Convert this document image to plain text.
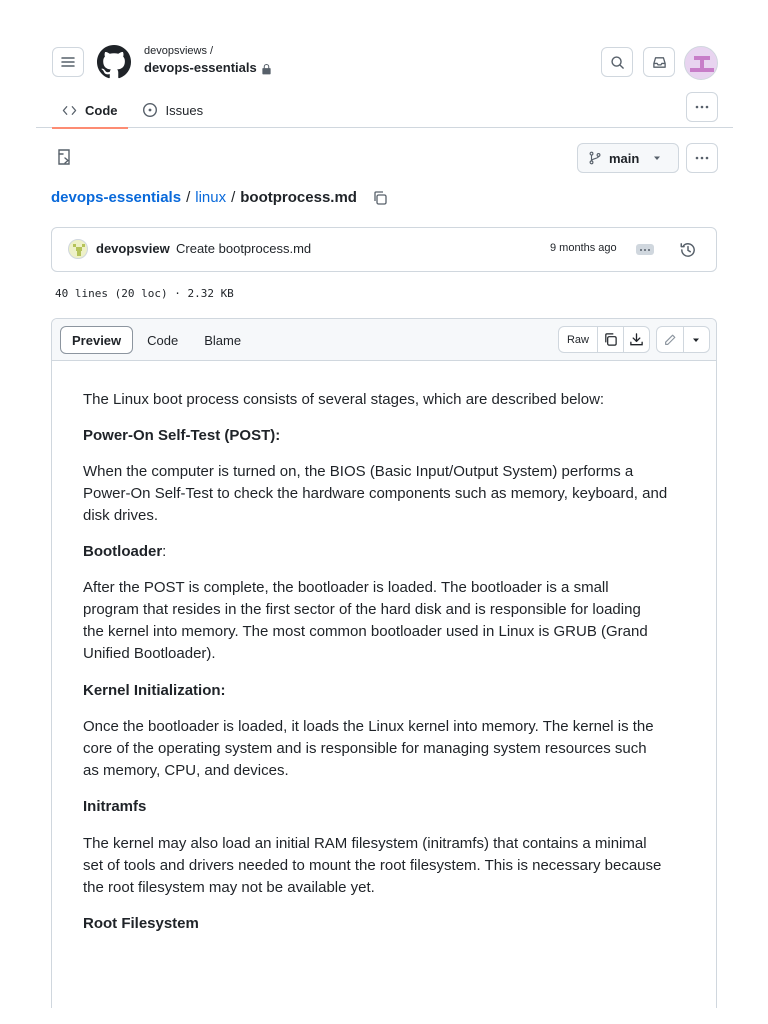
devopsviews /
devops-essentials
Code	Issues
main
devops-essentials / linux / bootprocess.md
devopsview Create bootprocess.md	9 months ago
40 lines (20 loc) · 2.32 KB
Preview	Code	Blame	Raw

The Linux boot process consists of several stages, which are described below:

Power-On Self-Test (POST):

When the computer is turned on, the BIOS (Basic Input/Output System) performs a

Power-On Self-Test to check the hardware components such as memory, keyboard, and

disk drives.

Bootloader:

After the POST is complete, the bootloader is loaded. The bootloader is a small

program that resides in the first sector of the hard disk and is responsible for loading

the kernel into memory. The most common bootloader used in Linux is GRUB (Grand

Unified Bootloader).

Kernel Initialization:

Once the bootloader is loaded, it loads the Linux kernel into memory. The kernel is the

core of the operating system and is responsible for managing system resources such

as memory, CPU, and devices.

Initramfs

The kernel may also load an initial RAM filesystem (initramfs) that contains a minimal

set of tools and drivers needed to mount the root filesystem. This is necessary because

the root filesystem may not be available yet.

Root Filesystem
